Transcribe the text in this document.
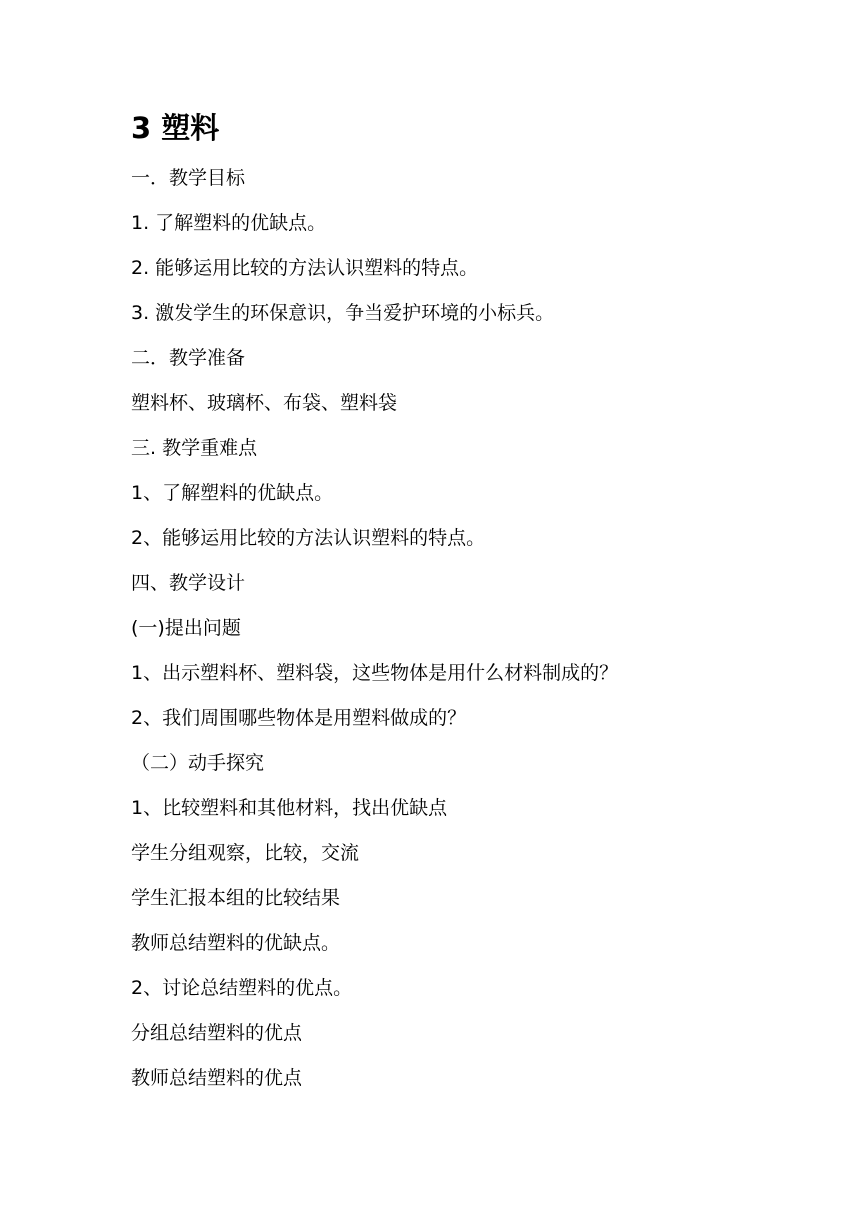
3 塑料
一．教学目标
1. 了解塑料的优缺点。
2. 能够运用比较的方法认识塑料的特点。
3. 激发学生的环保意识，争当爱护环境的小标兵。
二．教学准备
塑料杯、玻璃杯、布袋、塑料袋
三. 教学重难点
1、了解塑料的优缺点。
2、能够运用比较的方法认识塑料的特点。
四、教学设计
(一)提出问题
1、出示塑料杯、塑料袋，这些物体是用什么材料制成的？
2、我们周围哪些物体是用塑料做成的？
（二）动手探究
1、比较塑料和其他材料，找出优缺点
学生分组观察，比较，交流
学生汇报本组的比较结果
教师总结塑料的优缺点。
2、讨论总结塑料的优点。
分组总结塑料的优点
教师总结塑料的优点
